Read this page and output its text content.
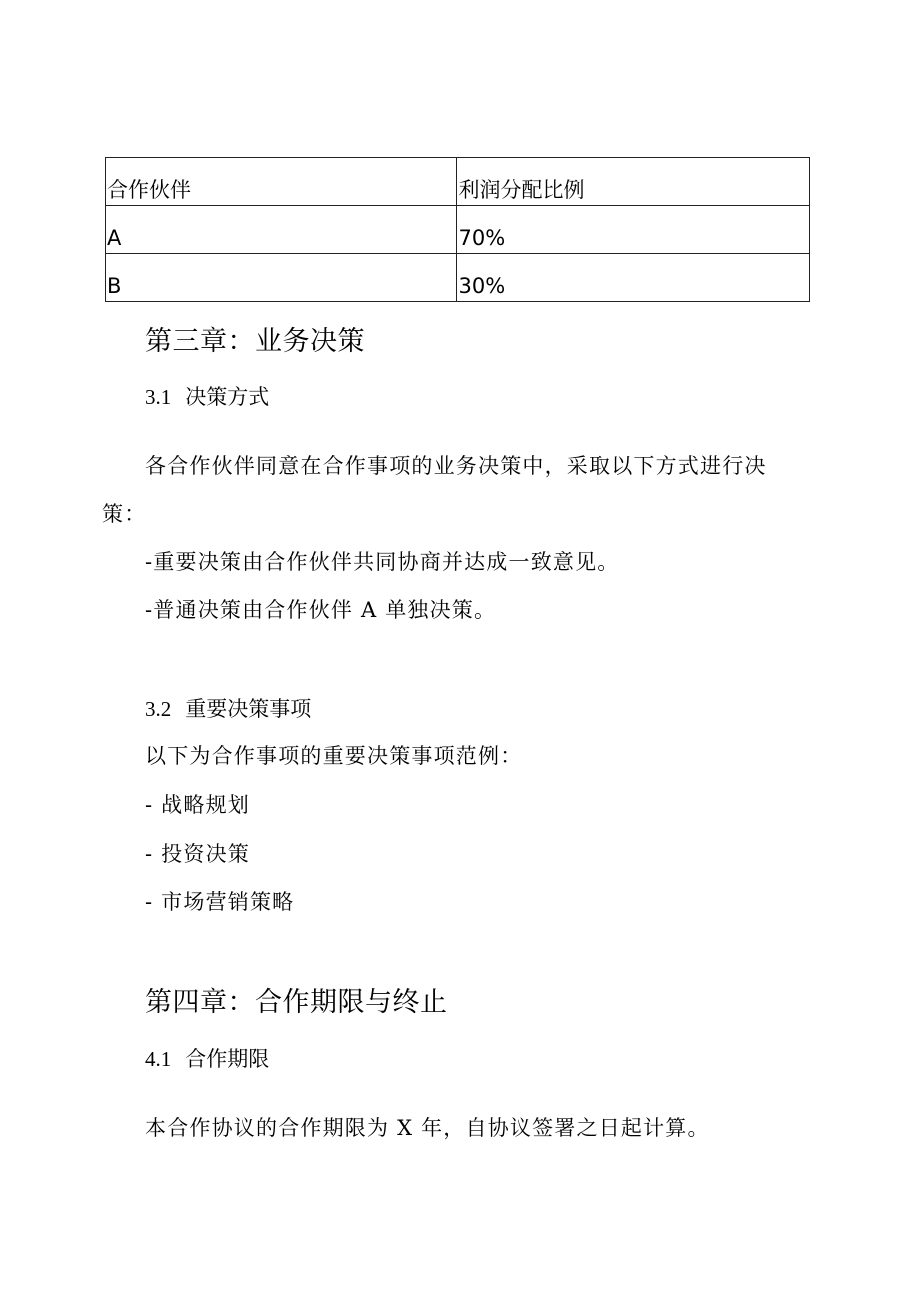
合作伙伴	利润分配比例
A	70%
B	30%
第三章：业务决策
3.1 决策方式
各合作伙伴同意在合作事项的业务决策中，采取以下方式进行决
策：
-重要决策由合作伙伴共同协商并达成一致意见。
-普通决策由合作伙伴 A 单独决策。
3.2 重要决策事项
以下为合作事项的重要决策事项范例：
- 战略规划
- 投资决策
- 市场营销策略
第四章：合作期限与终止
4.1 合作期限
本合作协议的合作期限为 X 年，自协议签署之日起计算。
